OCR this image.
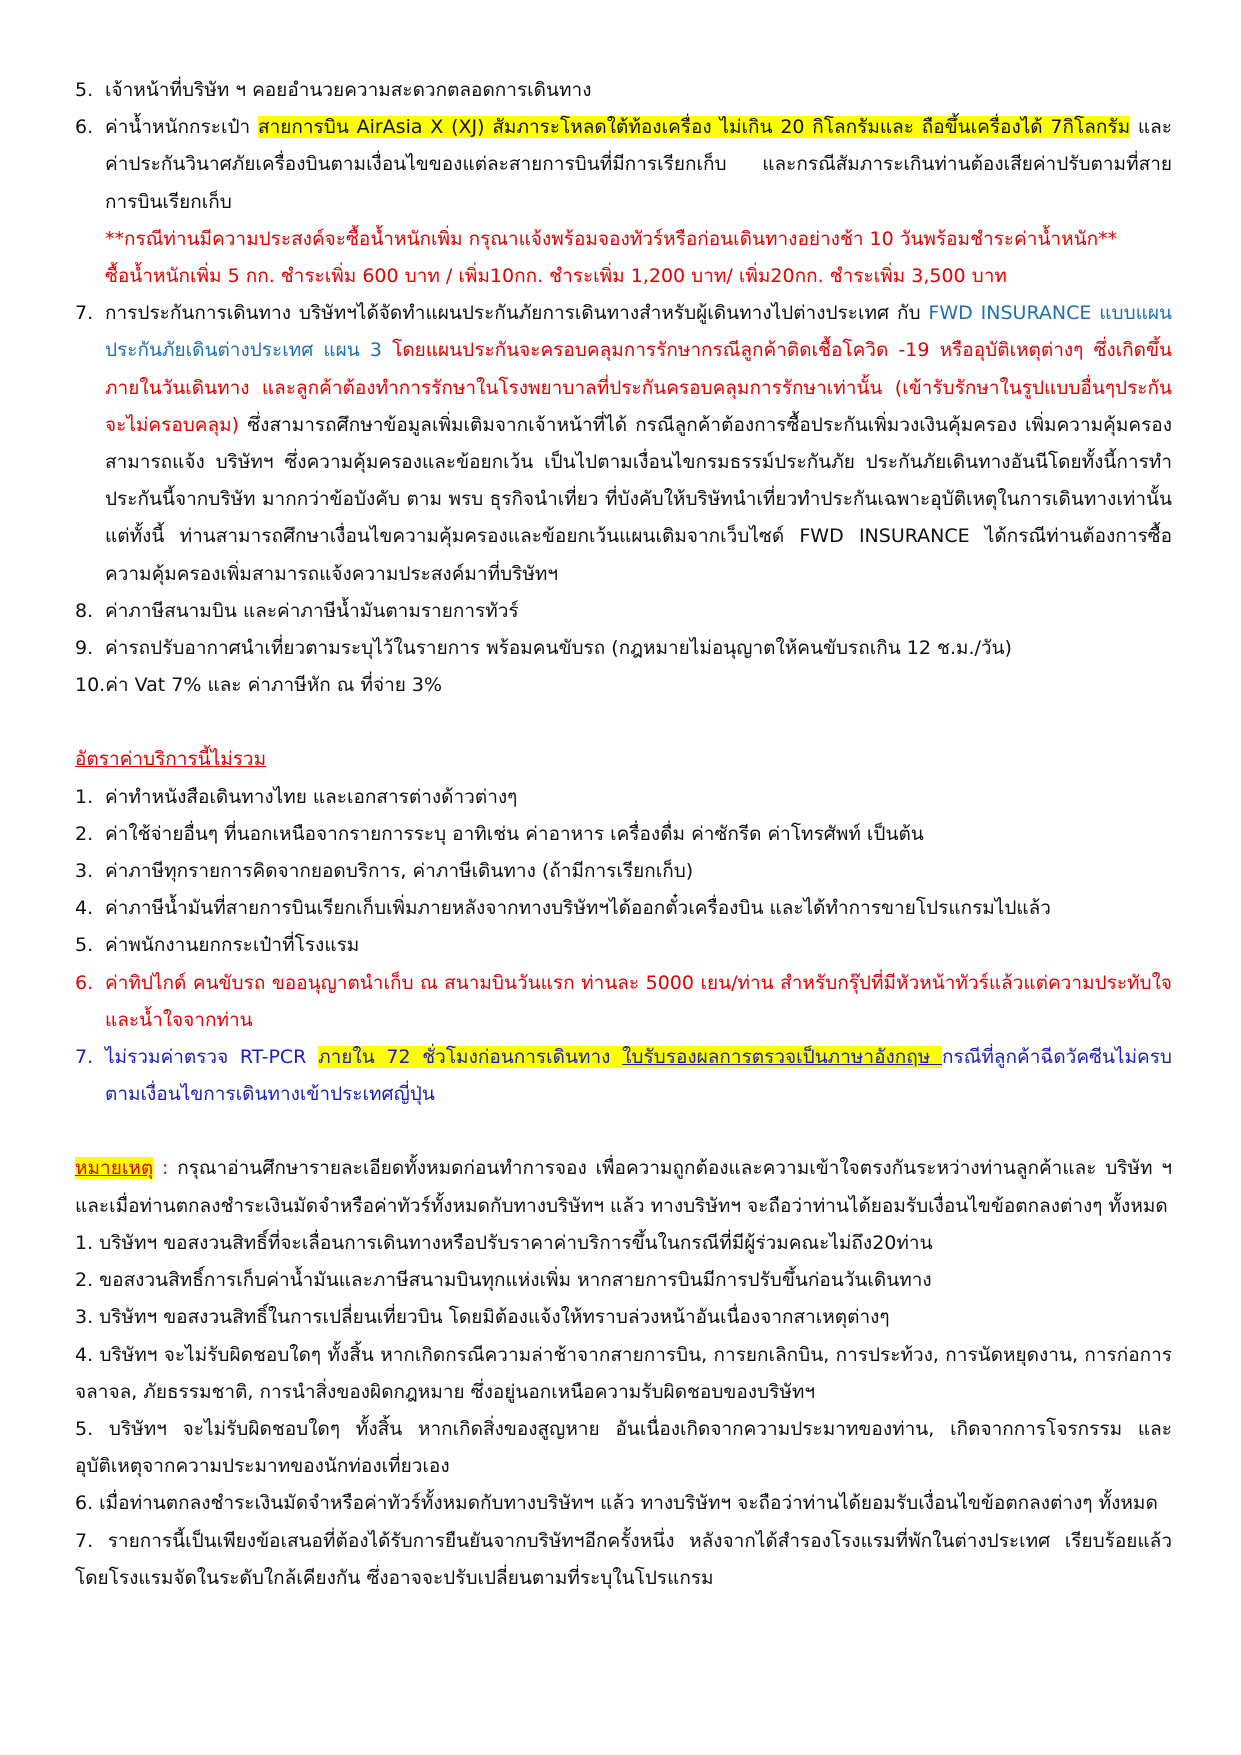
5. เจ้าหน้าที่บริษัท ฯ คอยอำนวยความสะดวกตลอดการเดินทาง
6. ค่าน้ำหนักกระเป๋า สายการบิน AirAsia X (XJ) สัมภาระโหลดใต้ท้องเครื่อง ไม่เกิน 20 กิโลกรัมและ ถือขึ้นเครื่องได้ 7กิโลกรัม และค่าประกันวินาศภัยเครื่องบินตามเงื่อนไขของแต่ละสายการบินที่มีการเรียกเก็บ และกรณีสัมภาระเกินท่านต้องเสียค่าปรับตามที่สายการบินเรียกเก็บ
**กรณีท่านมีความประสงค์จะซื้อน้ำหนักเพิ่ม กรุณาแจ้งพร้อมจองทัวร์หรือก่อนเดินทางอย่างช้า 10 วันพร้อมชำระค่าน้ำหนัก**
ซื้อน้ำหนักเพิ่ม 5 กก. ชำระเพิ่ม 600 บาท / เพิ่ม10กก. ชำระเพิ่ม 1,200 บาท/ เพิ่ม20กก. ชำระเพิ่ม 3,500 บาท
7. การประกันการเดินทาง บริษัทฯได้จัดทำแผนประกันภัยการเดินทางสำหรับผู้เดินทางไปต่างประเทศ กับ FWD INSURANCE แบบแผนประกันภัยเดินต่างประเทศ แผน 3 โดยแผนประกันจะครอบคลุมการรักษากรณีลูกค้าติดเชื้อโควิด -19 หรืออุบัติเหตุต่างๆ ซึ่งเกิดขึ้นภายในวันเดินทาง และลูกค้าต้องทำการรักษาในโรงพยาบาลที่ประกันครอบคลุมการรักษาเท่านั้น (เข้ารับรักษาในรูปแบบอื่นๆประกันจะไม่ครอบคลุม) ซึ่งสามารถศึกษาข้อมูลเพิ่มเติมจากเจ้าหน้าที่ได้ กรณีลูกค้าต้องการซื้อประกันเพิ่มวงเงินคุ้มครอง เพิ่มความคุ้มครอง สามารถแจ้ง บริษัทฯ ซึ่งความคุ้มครองและข้อยกเว้น เป็นไปตามเงื่อนไขกรมธรรม์ประกันภัย ประกันภัยเดินทางอันนีโดยทั้งนี้การทำประกันนี้จากบริษัท มากกว่าข้อบังคับ ตาม พรบ ธุรกิจนำเที่ยว ที่บังคับให้บริษัทนำเที่ยวทำประกันเฉพาะอุบัติเหตุในการเดินทางเท่านั้น แต่ทั้งนี้ ท่านสามารถศึกษาเงื่อนไขความคุ้มครองและข้อยกเว้นแผนเติมจากเว็บไซด์ FWD INSURANCE ได้กรณีท่านต้องการซื้อความคุ้มครองเพิ่มสามารถแจ้งความประสงค์มาที่บริษัทฯ
8. ค่าภาษีสนามบิน และค่าภาษีน้ำมันตามรายการทัวร์
9. ค่ารถปรับอากาศนำเที่ยวตามระบุไว้ในรายการ พร้อมคนขับรถ (กฎหมายไม่อนุญาตให้คนขับรถเกิน 12 ช.ม./วัน)
10. ค่า Vat 7% และ ค่าภาษีหัก ณ ที่จ่าย 3%
อัตราค่าบริการนี้ไม่รวม
1. ค่าทำหนังสือเดินทางไทย และเอกสารต่างด้าวต่างๆ
2. ค่าใช้จ่ายอื่นๆ ที่นอกเหนือจากรายการระบุ อาทิเช่น ค่าอาหาร เครื่องดื่ม ค่าซักรีด ค่าโทรศัพท์ เป็นต้น
3. ค่าภาษีทุกรายการคิดจากยอดบริการ, ค่าภาษีเดินทาง (ถ้ามีการเรียกเก็บ)
4. ค่าภาษีน้ำมันที่สายการบินเรียกเก็บเพิ่มภายหลังจากทางบริษัทฯได้ออกตั๋วเครื่องบิน และได้ทำการขายโปรแกรมไปแล้ว
5. ค่าพนักงานยกกระเป๋าที่โรงแรม
6. ค่าทิปไกด์ คนขับรถ ขออนุญาตนำเก็บ ณ สนามบินวันแรก ท่านละ 5000 เยน/ท่าน สำหรับกรุ๊ปที่มีหัวหน้าทัวร์แล้วแต่ความประทับใจและน้ำใจจากท่าน
7. ไม่รวมค่าตรวจ RT-PCR ภายใน 72 ชั่วโมงก่อนการเดินทาง ใบรับรองผลการตรวจเป็นภาษาอังกฤษ กรณีที่ลูกค้าฉีดวัคซีนไม่ครบตามเงื่อนไขการเดินทางเข้าประเทศญี่ปุ่น
หมายเหตุ : กรุณาอ่านศึกษารายละเอียดทั้งหมดก่อนทำการจอง เพื่อความถูกต้องและความเข้าใจตรงกันระหว่างท่านลูกค้าและ บริษัท ฯ และเมื่อท่านตกลงชำระเงินมัดจำหรือค่าทัวร์ทั้งหมดกับทางบริษัทฯ แล้ว ทางบริษัทฯ จะถือว่าท่านได้ยอมรับเงื่อนไขข้อตกลงต่างๆ ทั้งหมด
1. บริษัทฯ ขอสงวนสิทธิ์ที่จะเลื่อนการเดินทางหรือปรับราคาค่าบริการขึ้นในกรณีที่มีผู้ร่วมคณะไม่ถึง20ท่าน
2. ขอสงวนสิทธิ์การเก็บค่าน้ำมันและภาษีสนามบินทุกแห่งเพิ่ม หากสายการบินมีการปรับขึ้นก่อนวันเดินทาง
3. บริษัทฯ ขอสงวนสิทธิ์ในการเปลี่ยนเที่ยวบิน โดยมิต้องแจ้งให้ทราบล่วงหน้าอันเนื่องจากสาเหตุต่างๆ
4. บริษัทฯ จะไม่รับผิดชอบใดๆ ทั้งสิ้น หากเกิดกรณีความล่าช้าจากสายการบิน, การยกเลิกบิน, การประท้วง, การนัดหยุดงาน, การก่อการจลาจล, ภัยธรรมชาติ, การนำสิ่งของผิดกฎหมาย ซึ่งอยู่นอกเหนือความรับผิดชอบของบริษัทฯ
5. บริษัทฯ จะไม่รับผิดชอบใดๆ ทั้งสิ้น หากเกิดสิ่งของสูญหาย อันเนื่องเกิดจากความประมาทของท่าน, เกิดจากการโจรกรรม และ อุบัติเหตุจากความประมาทของนักท่องเที่ยวเอง
6. เมื่อท่านตกลงชำระเงินมัดจำหรือค่าทัวร์ทั้งหมดกับทางบริษัทฯ แล้ว ทางบริษัทฯ จะถือว่าท่านได้ยอมรับเงื่อนไขข้อตกลงต่างๆ ทั้งหมด
7. รายการนี้เป็นเพียงข้อเสนอที่ต้องได้รับการยืนยันจากบริษัทฯอีกครั้งหนึ่ง หลังจากได้สำรองโรงแรมที่พักในต่างประเทศ เรียบร้อยแล้ว โดยโรงแรมจัดในระดับใกล้เคียงกัน ซึ่งอาจจะปรับเปลี่ยนตามที่ระบุในโปรแกรม
